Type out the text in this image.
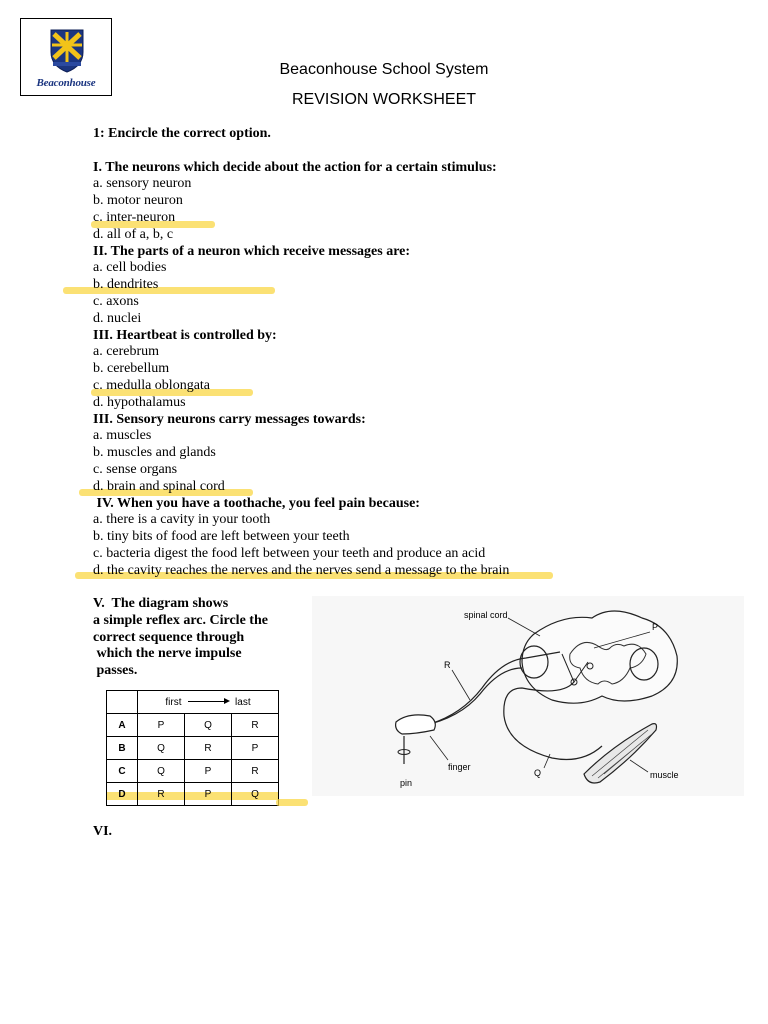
Beaconhouse
Beaconhouse School System
REVISION WORKSHEET
1: Encircle the correct option.
I. The neurons which decide about the action for a certain stimulus:
a. sensory neuron
b. motor neuron
c. inter-neuron
d. all of a, b, c
II. The parts of a neuron which receive messages are:
a. cell bodies
b. dendrites
c. axons
d. nuclei
III. Heartbeat is controlled by:
a. cerebrum
b. cerebellum
c. medulla oblongata
d. hypothalamus
III. Sensory neurons carry messages towards:
a. muscles
b. muscles and glands
c. sense organs
d. brain and spinal cord
IV. When you have a toothache, you feel pain because:
a. there is a cavity in your tooth
b. tiny bits of food are left between your teeth
c. bacteria digest the food left between your teeth and produce an acid
d. the cavity reaches the nerves and the nerves send a message to the brain
V.  The diagram shows
a simple reflex arc. Circle the
correct sequence through
which the nerve impulse
passes.
	first last		
A	P	Q	R
B	Q	R	P
C	Q	P	R
D	R	P	Q
spinal cord
P
R
finger
pin
Q	muscle
VI.
